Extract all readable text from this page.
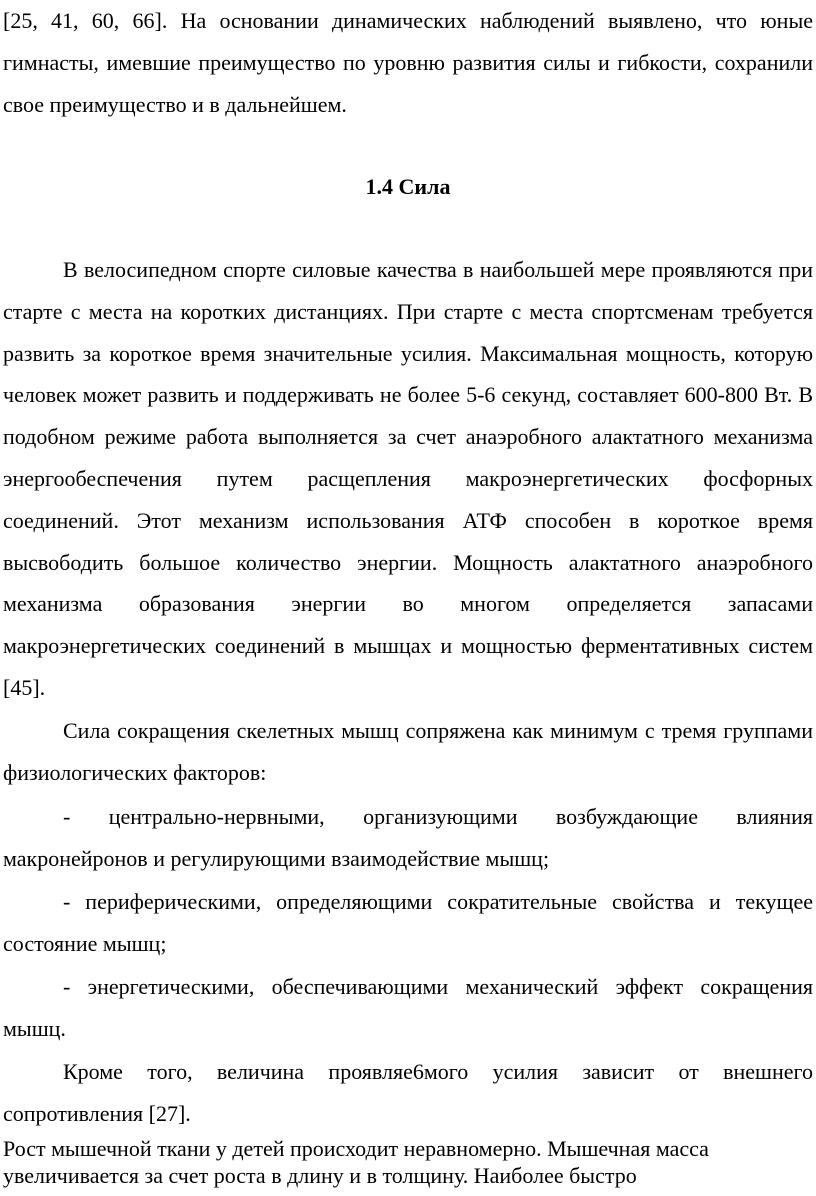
[25, 41, 60, 66]. На основании динамических наблюдений выявлено, что юные гимнасты, имевшие преимущество по уровню развития силы и гибкости, сохранили свое преимущество и в дальнейшем.

1.4 Сила

В велосипедном спорте силовые качества в наибольшей мере проявляются при старте с места на коротких дистанциях. При старте с места спортсменам требуется развить за короткое время значительные усилия. Максимальная мощность, которую человек может развить и поддерживать не более 5-6 секунд, составляет 600-800 Вт. В подобном режиме работа выполняется за счет анаэробного алактатного механизма энергообеспечения путем расщепления макроэнергетических фосфорных соединений. Этот механизм использования АТФ способен в короткое время высвободить большое количество энергии. Мощность алактатного анаэробного механизма образования энергии во многом определяется запасами макроэнергетических соединений в мышцах и мощностью ферментативных систем [45].

Сила сокращения скелетных мышц сопряжена как минимум с тремя группами физиологических факторов:

- центрально-нервными, организующими возбуждающие влияния макронейронов и регулирующими взаимодействие мышц;

- периферическими, определяющими сократительные свойства и текущее состояние мышц;

- энергетическими, обеспечивающими механический эффект сокращения мышц.

Кроме того, величина проявляе6мого усилия зависит от внешнего сопротивления [27].

Рост мышечной ткани у детей происходит неравномерно. Мышечная масса увеличивается за счет роста в длину и в толщину. Наиболее быстро
